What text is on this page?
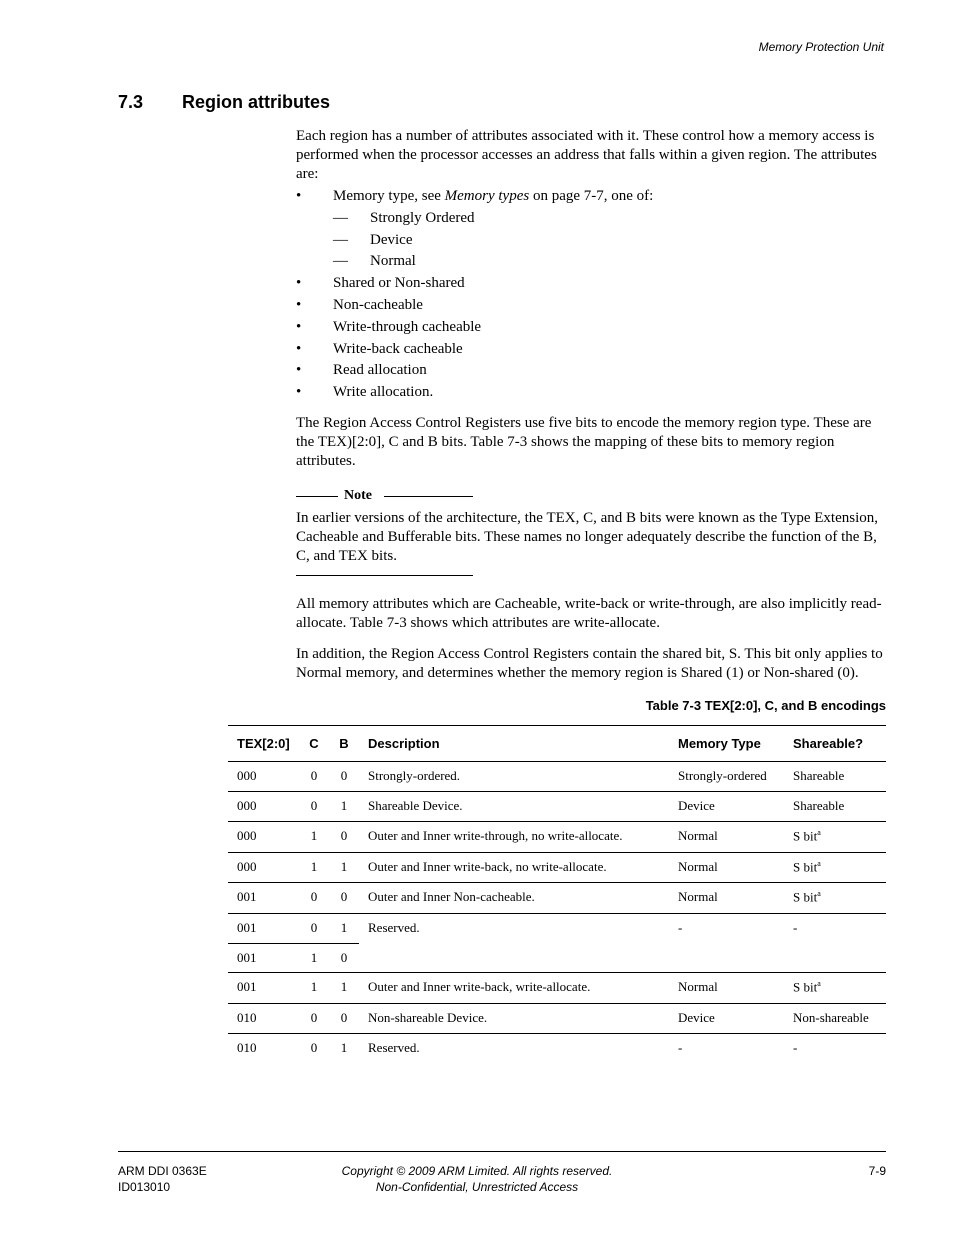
Memory Protection Unit
7.3 Region attributes
Each region has a number of attributes associated with it. These control how a memory access is performed when the processor accesses an address that falls within a given region. The attributes are:
• Memory type, see Memory types on page 7-7, one of:
— Strongly Ordered
— Device
— Normal
• Shared or Non-shared
• Non-cacheable
• Write-through cacheable
• Write-back cacheable
• Read allocation
• Write allocation.
The Region Access Control Registers use five bits to encode the memory region type. These are the TEX)[2:0], C and B bits. Table 7-3 shows the mapping of these bits to memory region attributes.
Note
In earlier versions of the architecture, the TEX, C, and B bits were known as the Type Extension, Cacheable and Bufferable bits. These names no longer adequately describe the function of the B, C, and TEX bits.
All memory attributes which are Cacheable, write-back or write-through, are also implicitly read-allocate. Table 7-3 shows which attributes are write-allocate.
In addition, the Region Access Control Registers contain the shared bit, S. This bit only applies to Normal memory, and determines whether the memory region is Shared (1) or Non-shared (0).
Table 7-3 TEX[2:0], C, and B encodings
TEX[2:0]	C	B	Description	Memory Type	Shareable?
000	0	0	Strongly-ordered.	Strongly-ordered	Shareable
000	0	1	Shareable Device.	Device	Shareable
000	1	0	Outer and Inner write-through, no write-allocate.	Normal	S bit$^a$
000	1	1	Outer and Inner write-back, no write-allocate.	Normal	S bit$^a$
001	0	0	Outer and Inner Non-cacheable.	Normal	S bit$^a$
001	0	1	Reserved.	-	-
001	1	0			
001	1	1	Outer and Inner write-back, write-allocate.	Normal	S bit$^a$
010	0	0	Non-shareable Device.	Device	Non-shareable
010	0	1	Reserved.	-	-
ARM DDI 0363E
ID013010
Copyright © 2009 ARM Limited. All rights reserved.
Non-Confidential, Unrestricted Access
7-9
